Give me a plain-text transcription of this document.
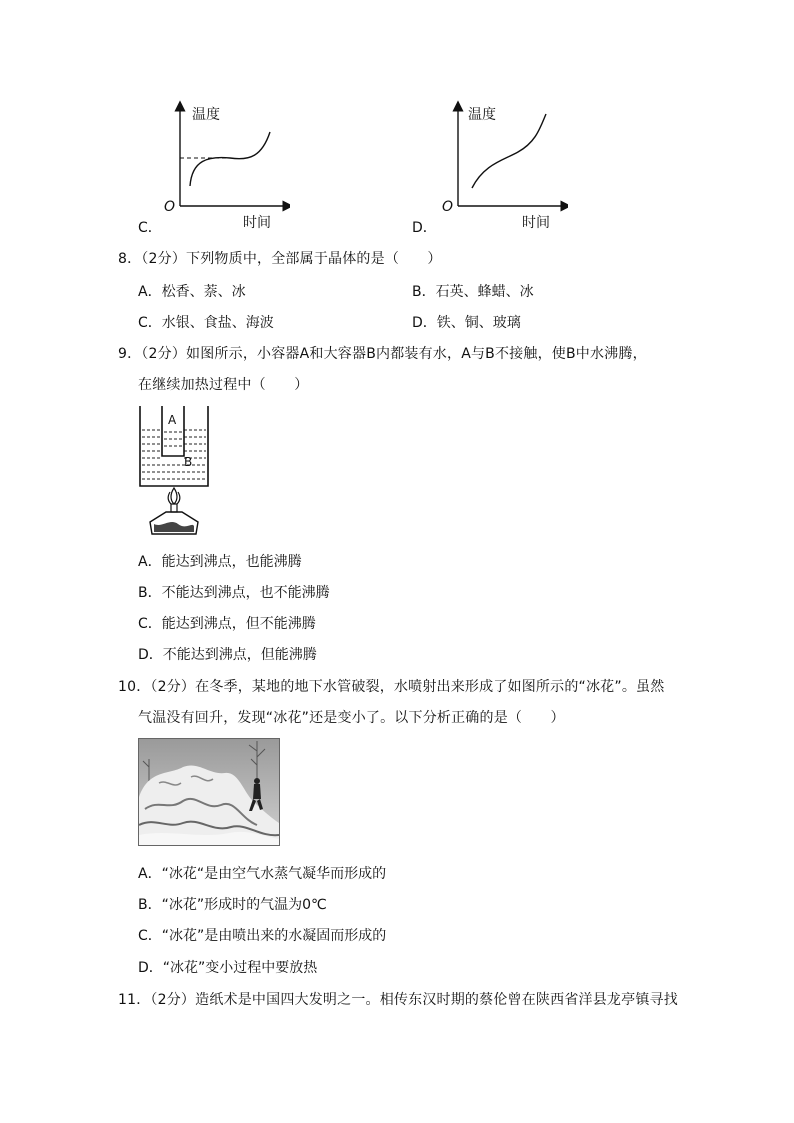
温度
O
时间
C．
温度
O
时间
D．
8．（2分）下列物质中，全部属于晶体的是（　　）
A．松香、萘、冰	B．石英、蜂蜡、冰
C．水银、食盐、海波	D．铁、铜、玻璃
9．（2分）如图所示，小容器A和大容器B内都装有水，A与B不接触，使B中水沸腾，
在继续加热过程中（　　）
A
B
A．能达到沸点，也能沸腾
B．不能达到沸点，也不能沸腾
C．能达到沸点，但不能沸腾
D．不能达到沸点，但能沸腾
10．（2分）在冬季，某地的地下水管破裂，水喷射出来形成了如图所示的“冰花”。虽然
气温没有回升，发现“冰花”还是变小了。以下分析正确的是（　　）
A．“冰花“是由空气水蒸气凝华而形成的
B．“冰花”形成时的气温为0℃
C．“冰花”是由喷出来的水凝固而形成的
D．“冰花”变小过程中要放热
11．（2分）造纸术是中国四大发明之一。相传东汉时期的蔡伦曾在陕西省洋县龙亭镇寻找
